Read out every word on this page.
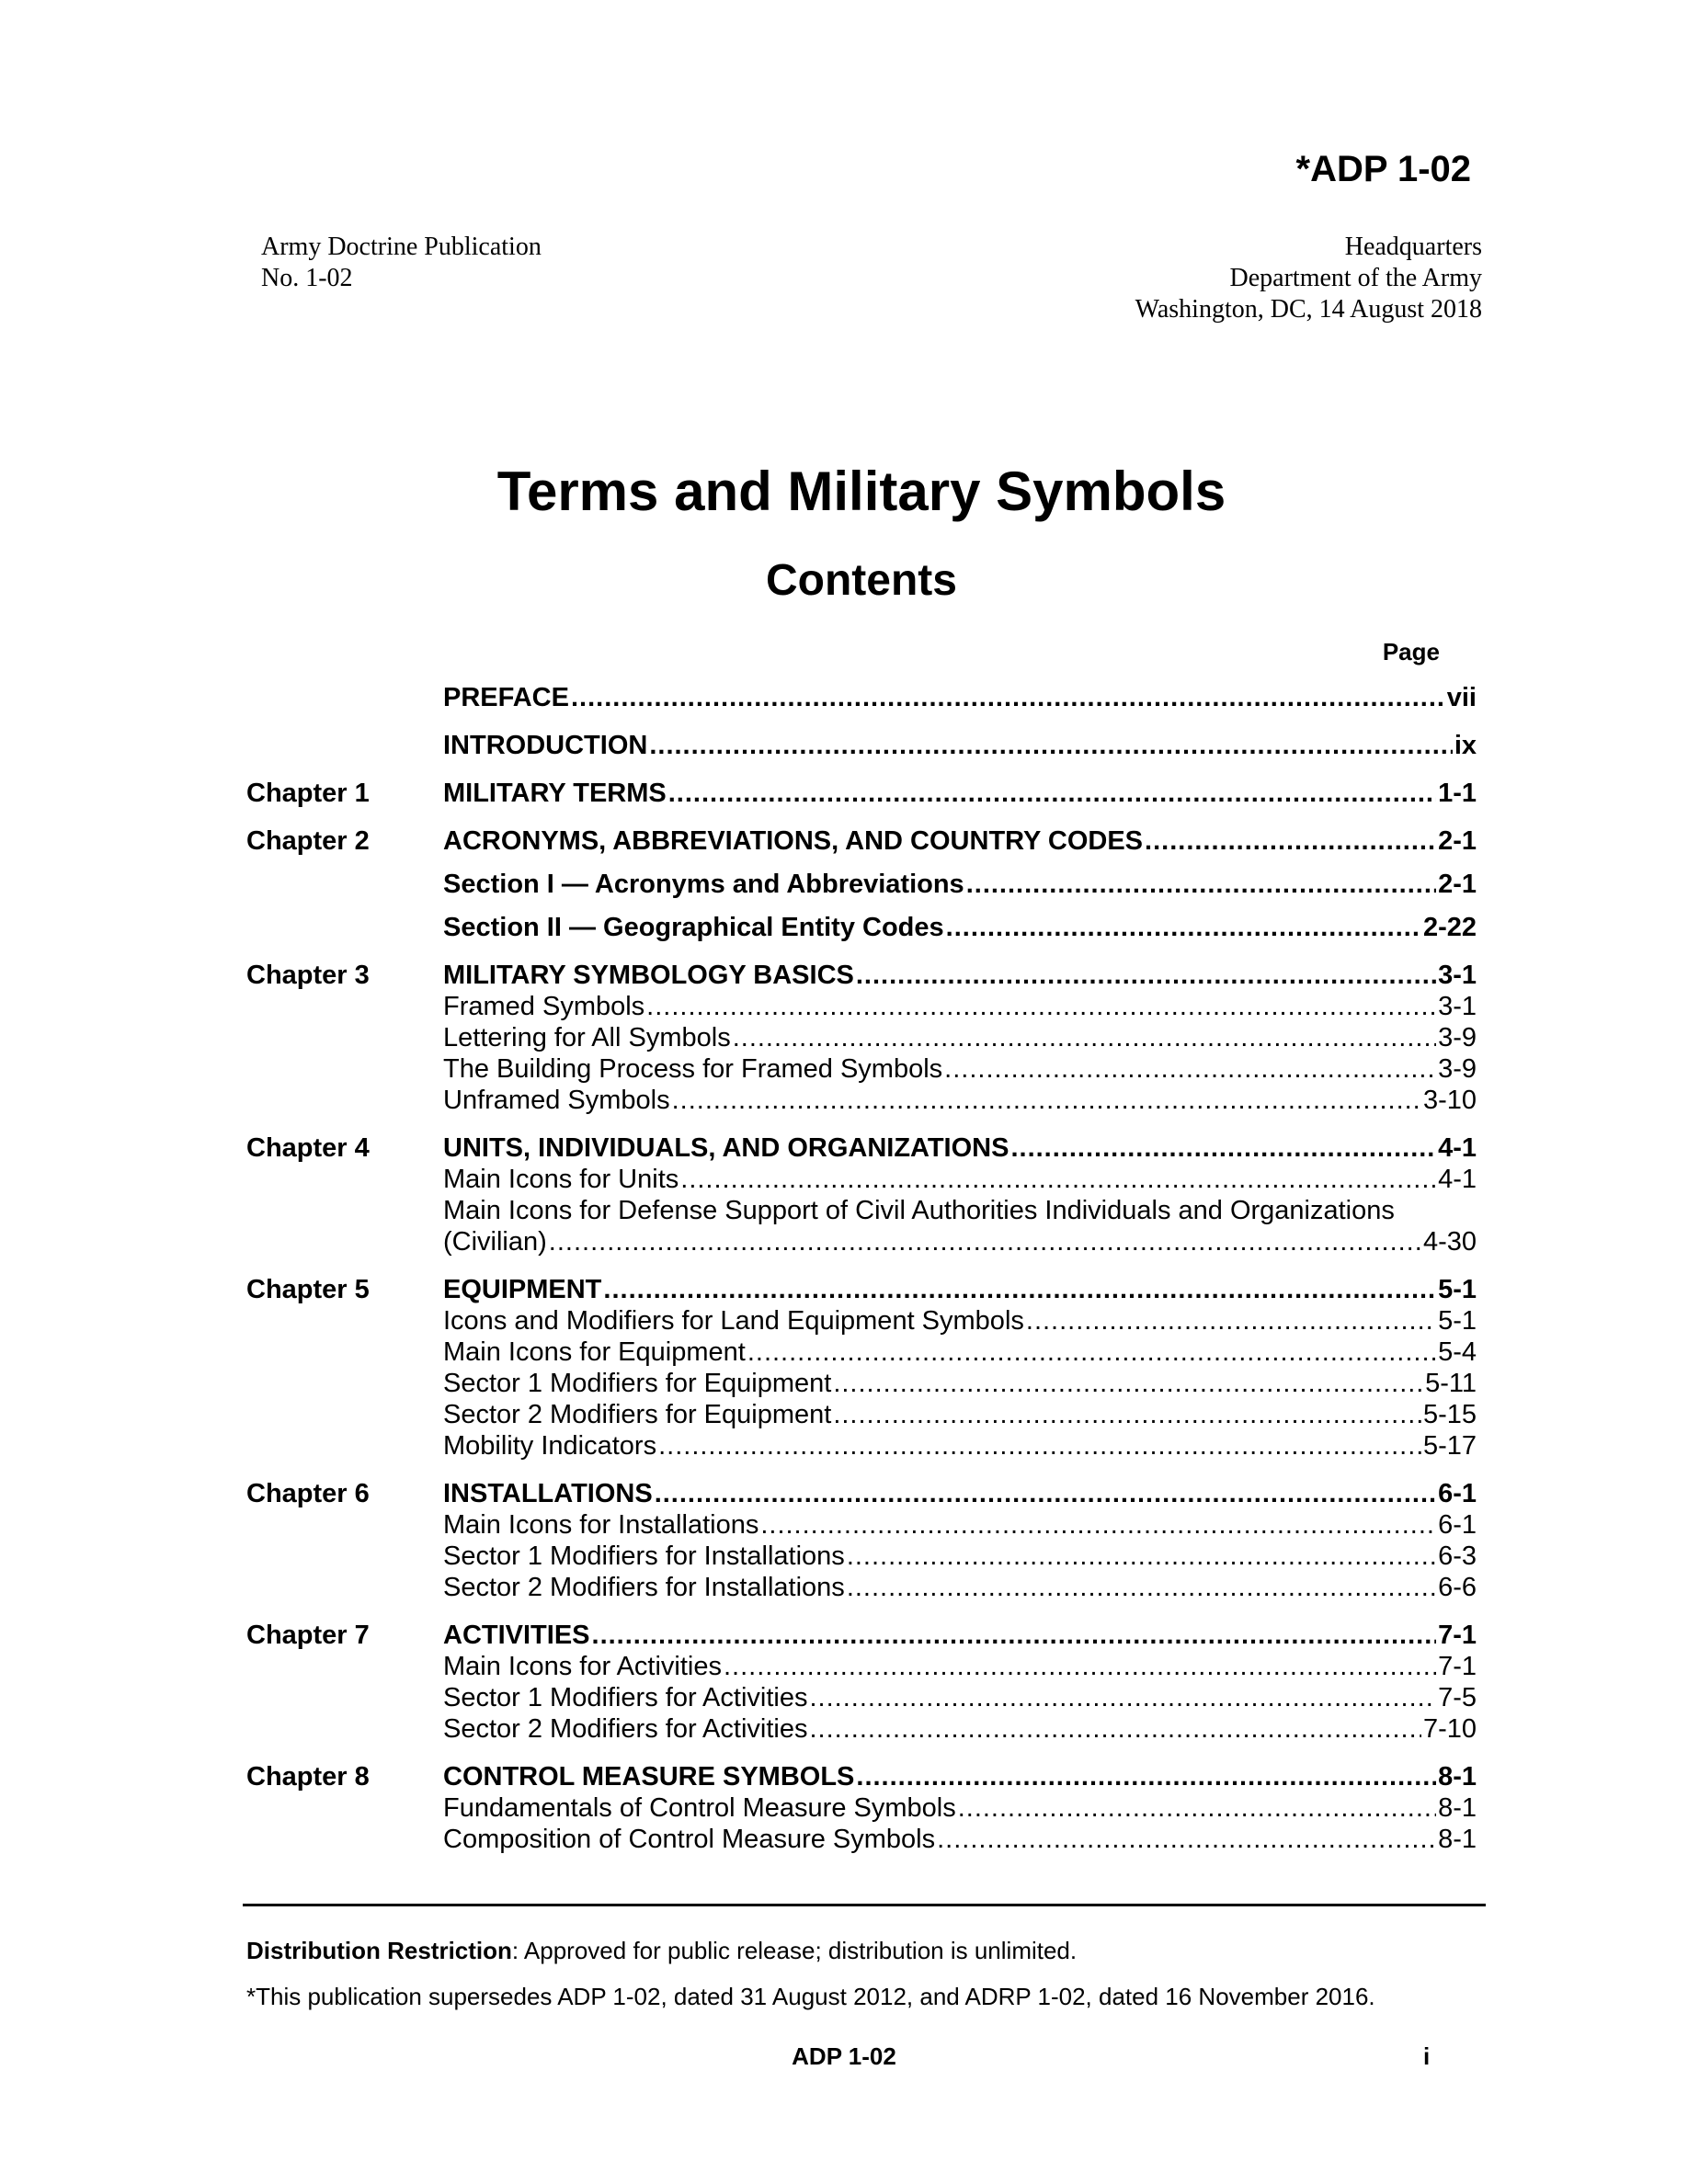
*ADP 1-02
Army Doctrine Publication
No. 1-02
Headquarters
Department of the Army
Washington, DC, 14 August 2018
Terms and Military Symbols
Contents
Page
PREFACE .....	vii
INTRODUCTION .....	ix
Chapter 1	MILITARY TERMS .....	1-1
Chapter 2	ACRONYMS, ABBREVIATIONS, AND COUNTRY CODES .....	2-1
Section I — Acronyms and Abbreviations .....	2-1
Section II — Geographical Entity Codes .....	2-22
Chapter 3	MILITARY SYMBOLOGY BASICS .....	3-1
Framed Symbols .....	3-1
Lettering for All Symbols .....	3-9
The Building Process for Framed Symbols .....	3-9
Unframed Symbols .....	3-10
Chapter 4	UNITS, INDIVIDUALS, AND ORGANIZATIONS .....	4-1
Main Icons for Units .....	4-1
Main Icons for Defense Support of Civil Authorities Individuals and Organizations
(Civilian) .....	4-30
Chapter 5	EQUIPMENT .....	5-1
Icons and Modifiers for Land Equipment Symbols .....	5-1
Main Icons for Equipment .....	5-4
Sector 1 Modifiers for Equipment .....	5-11
Sector 2 Modifiers for Equipment .....	5-15
Mobility Indicators .....	5-17
Chapter 6	INSTALLATIONS .....	6-1
Main Icons for Installations .....	6-1
Sector 1 Modifiers for Installations .....	6-3
Sector 2 Modifiers for Installations .....	6-6
Chapter 7	ACTIVITIES .....	7-1
Main Icons for Activities .....	7-1
Sector 1 Modifiers for Activities .....	7-5
Sector 2 Modifiers for Activities .....	7-10
Chapter 8	CONTROL MEASURE SYMBOLS .....	8-1
Fundamentals of Control Measure Symbols .....	8-1
Composition of Control Measure Symbols .....	8-1

Distribution Restriction: Approved for public release; distribution is unlimited.

*This publication supersedes ADP 1-02, dated 31 August 2012, and ADRP 1-02, dated 16 November 2016.

ADP 1-02	i
